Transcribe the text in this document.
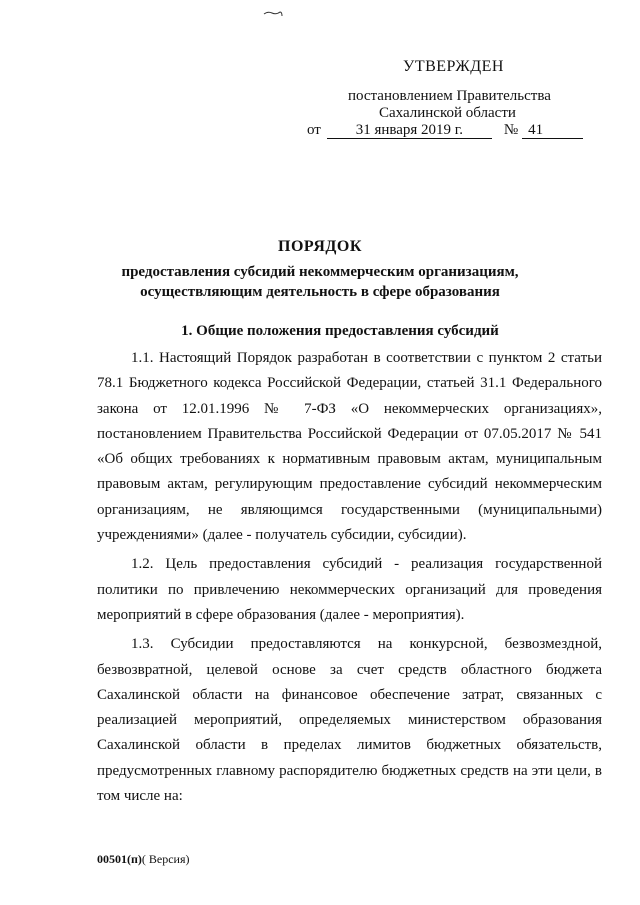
УТВЕРЖДЕН
постановлением Правительства
Сахалинской области
от 31 января 2019 г.	№ 41
ПОРЯДОК
предоставления субсидий некоммерческим организациям,
осуществляющим деятельность в сфере образования
1. Общие положения предоставления субсидий

1.1. Настоящий Порядок разработан в соответствии с пунктом 2 статьи 78.1 Бюджетного кодекса Российской Федерации, статьей 31.1 Федерального закона от 12.01.1996 № 7-ФЗ «О некоммерческих организациях», постановлением Правительства Российской Федерации от 07.05.2017 № 541 «Об общих требованиях к нормативным правовым актам, муниципальным правовым актам, регулирующим предоставление субсидий некоммерческим организациям, не являющимся государственными (муниципальными) учреждениями» (далее - получатель субсидии, субсидии).

1.2. Цель предоставления субсидий - реализация государственной политики по привлечению некоммерческих организаций для проведения мероприятий в сфере образования (далее - мероприятия).

1.3. Субсидии предоставляются на конкурсной, безвозмездной, безвозвратной, целевой основе за счет средств областного бюджета Сахалинской области на финансовое обеспечение затрат, связанных с реализацией мероприятий, определяемых министерством образования Сахалинской области в пределах лимитов бюджетных обязательств, предусмотренных главному распорядителю бюджетных средств на эти цели, в том числе на:

00501(п)( Версия)
